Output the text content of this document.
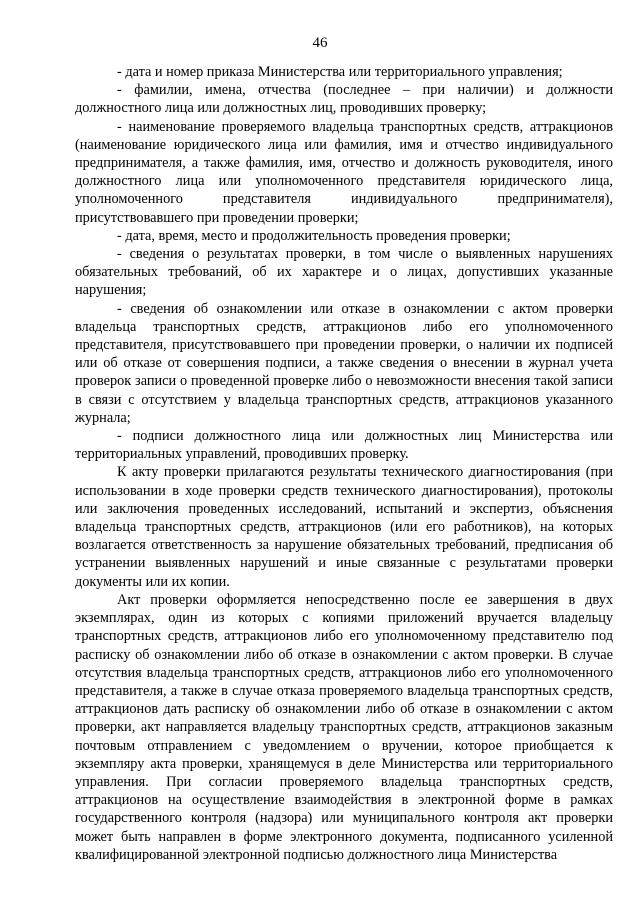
46

- дата и номер приказа Министерства или территориального управления;

- фамилии, имена, отчества (последнее – при наличии) и должности должностного лица или должностных лиц, проводивших проверку;

- наименование проверяемого владельца транспортных средств, аттракционов (наименование юридического лица или фамилия, имя и отчество индивидуального предпринимателя, а также фамилия, имя, отчество и должность руководителя, иного должностного лица или уполномоченного представителя юридического лица, уполномоченного представителя индивидуального предпринимателя), присутствовавшего при проведении проверки;

- дата, время, место и продолжительность проведения проверки;

- сведения о результатах проверки, в том числе о выявленных нарушениях обязательных требований, об их характере и о лицах, допустивших указанные нарушения;

- сведения об ознакомлении или отказе в ознакомлении с актом проверки владельца транспортных средств, аттракционов либо его уполномоченного представителя, присутствовавшего при проведении проверки, о наличии их подписей или об отказе от совершения подписи, а также сведения о внесении в журнал учета проверок записи о проведенной проверке либо о невозможности внесения такой записи в связи с отсутствием у владельца транспортных средств, аттракционов указанного журнала;

- подписи должностного лица или должностных лиц Министерства или территориальных управлений, проводивших проверку.

К акту проверки прилагаются результаты технического диагностирования (при использовании в ходе проверки средств технического диагностирования), протоколы или заключения проведенных исследований, испытаний и экспертиз, объяснения владельца транспортных средств, аттракционов (или его работников), на которых возлагается ответственность за нарушение обязательных требований, предписания об устранении выявленных нарушений и иные связанные с результатами проверки документы или их копии.

Акт проверки оформляется непосредственно после ее завершения в двух экземплярах, один из которых с копиями приложений вручается владельцу транспортных средств, аттракционов либо его уполномоченному представителю под расписку об ознакомлении либо об отказе в ознакомлении с актом проверки. В случае отсутствия владельца транспортных средств, аттракционов либо его уполномоченного представителя, а также в случае отказа проверяемого владельца транспортных средств, аттракционов дать расписку об ознакомлении либо об отказе в ознакомлении с актом проверки, акт направляется владельцу транспортных средств, аттракционов заказным почтовым отправлением с уведомлением о вручении, которое приобщается к экземпляру акта проверки, хранящемуся в деле Министерства или территориального управления. При согласии проверяемого владельца транспортных средств, аттракционов на осуществление взаимодействия в электронной форме в рамках государственного контроля (надзора) или муниципального контроля акт проверки может быть направлен в форме электронного документа, подписанного усиленной квалифицированной электронной подписью должностного лица Министерства
